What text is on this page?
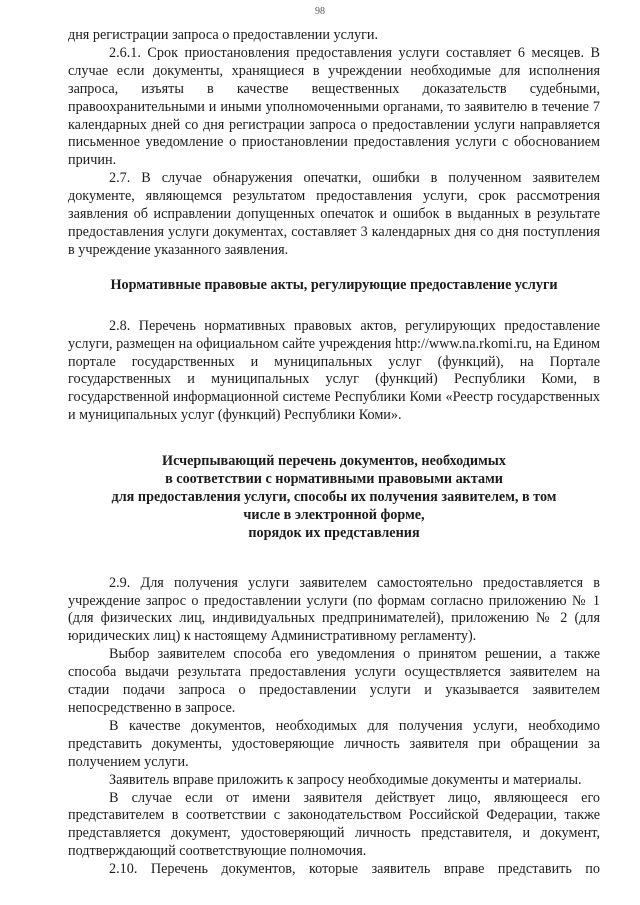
98

дня регистрации запроса о предоставлении услуги.

2.6.1. Срок приостановления предоставления услуги составляет 6 месяцев. В случае если документы, хранящиеся в учреждении необходимые для исполнения запроса, изъяты в качестве вещественных доказательств судебными, правоохранительными и иными уполномоченными органами, то заявителю в течение 7 календарных дней со дня регистрации запроса о предоставлении услуги направляется письменное уведомление о приостановлении предоставления услуги с обоснованием причин.

2.7. В случае обнаружения опечатки, ошибки в полученном заявителем документе, являющемся результатом предоставления услуги, срок рассмотрения заявления об исправлении допущенных опечаток и ошибок в выданных в результате предоставления услуги документах, составляет 3 календарных дня со дня поступления в учреждение указанного заявления.

Нормативные правовые акты, регулирующие предоставление услуги

2.8. Перечень нормативных правовых актов, регулирующих предоставление услуги, размещен на официальном сайте учреждения http://www.na.rkomi.ru, на Едином портале государственных и муниципальных услуг (функций), на Портале государственных и муниципальных услуг (функций) Республики Коми, в государственной информационной системе Республики Коми «Реестр государственных и муниципальных услуг (функций) Республики Коми».

Исчерпывающий перечень документов, необходимых

в соответствии с нормативными правовыми актами

для предоставления услуги, способы их получения заявителем, в том

числе в электронной форме,

порядок их представления

2.9. Для получения услуги заявителем самостоятельно предоставляется в учреждение запрос о предоставлении услуги (по формам согласно приложению № 1 (для физических лиц, индивидуальных предпринимателей), приложению № 2 (для юридических лиц) к настоящему Административному регламенту).

Выбор заявителем способа его уведомления о принятом решении, а также способа выдачи результата предоставления услуги осуществляется заявителем на стадии подачи запроса о предоставлении услуги и указывается заявителем непосредственно в запросе.

В качестве документов, необходимых для получения услуги, необходимо представить документы, удостоверяющие личность заявителя при обращении за получением услуги.

Заявитель вправе приложить к запросу необходимые документы и материалы.

В случае если от имени заявителя действует лицо, являющееся его представителем в соответствии с законодательством Российской Федерации, также представляется документ, удостоверяющий личность представителя, и документ, подтверждающий соответствующие полномочия.

2.10. Перечень документов, которые заявитель вправе представить по
